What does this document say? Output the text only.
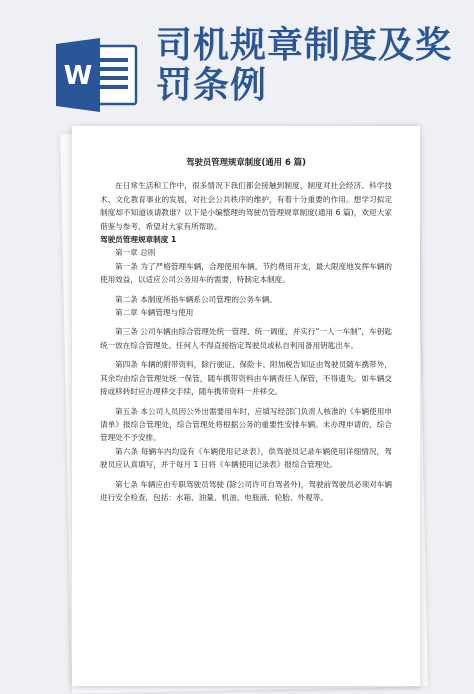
W
司机规章制度及奖
罚条例

驾驶员管理规章制度(通用 6 篇)

在日常生活和工作中，很多情况下我们都会接触到制度，制度对社会经济、科学技术、文化教育事业的发展，对社会公共秩序的维护，有着十分重要的作用。想学习拟定制度却不知道该请教谁？以下是小编整理的驾驶员管理规章制度(通用 6 篇)，欢迎大家借鉴与参考，希望对大家有所帮助。

驾驶员管理规章制度 1

第一章 总则

第一条 为了严格管理车辆，合理使用车辆，节约费用开支，最大限度地发挥车辆的使用效益，以适应公司公务用车的需要，特制定本制度。

第二条 本制度所指车辆系公司管理的公务车辆。

第二章 车辆管理与使用

第三条 公司车辆由综合管理处统一管理、统一调度，并实行“一人一车制”，车钥匙统一放在综合管理处。任何人不得直接指定驾驶员或私自利用备用钥匙出车。

第四条 车辆的附带资料，除行驶证、保险卡、附加税告知证由驾驶员随车携带外，其余均由综合管理处统一保管，随车携带资料由车辆责任人保管，不得遗失。如车辆交接或移转时应办理移交手续，随车携带资料一并移交。

第五条 本公司人员因公外出需要用车时，应填写经部门负责人核准的《车辆使用申请单》报综合管理处，综合管理处将根据公务的重要性安排车辆。未办理申请的，综合管理处不予安排。

第六条 每辆车内均设有《车辆使用记录表》，供驾驶员记录车辆使用详细情况，驾驶员应认真填写，并于每月 1 日将《车辆使用记录表》报综合管理处。

第七条 车辆应由专职驾驶员驾驶 (除公司许可自驾者外)，驾驶前驾驶员必须对车辆进行安全检查，包括：水箱、油量、机油、电瓶液、轮胎、外观等。
